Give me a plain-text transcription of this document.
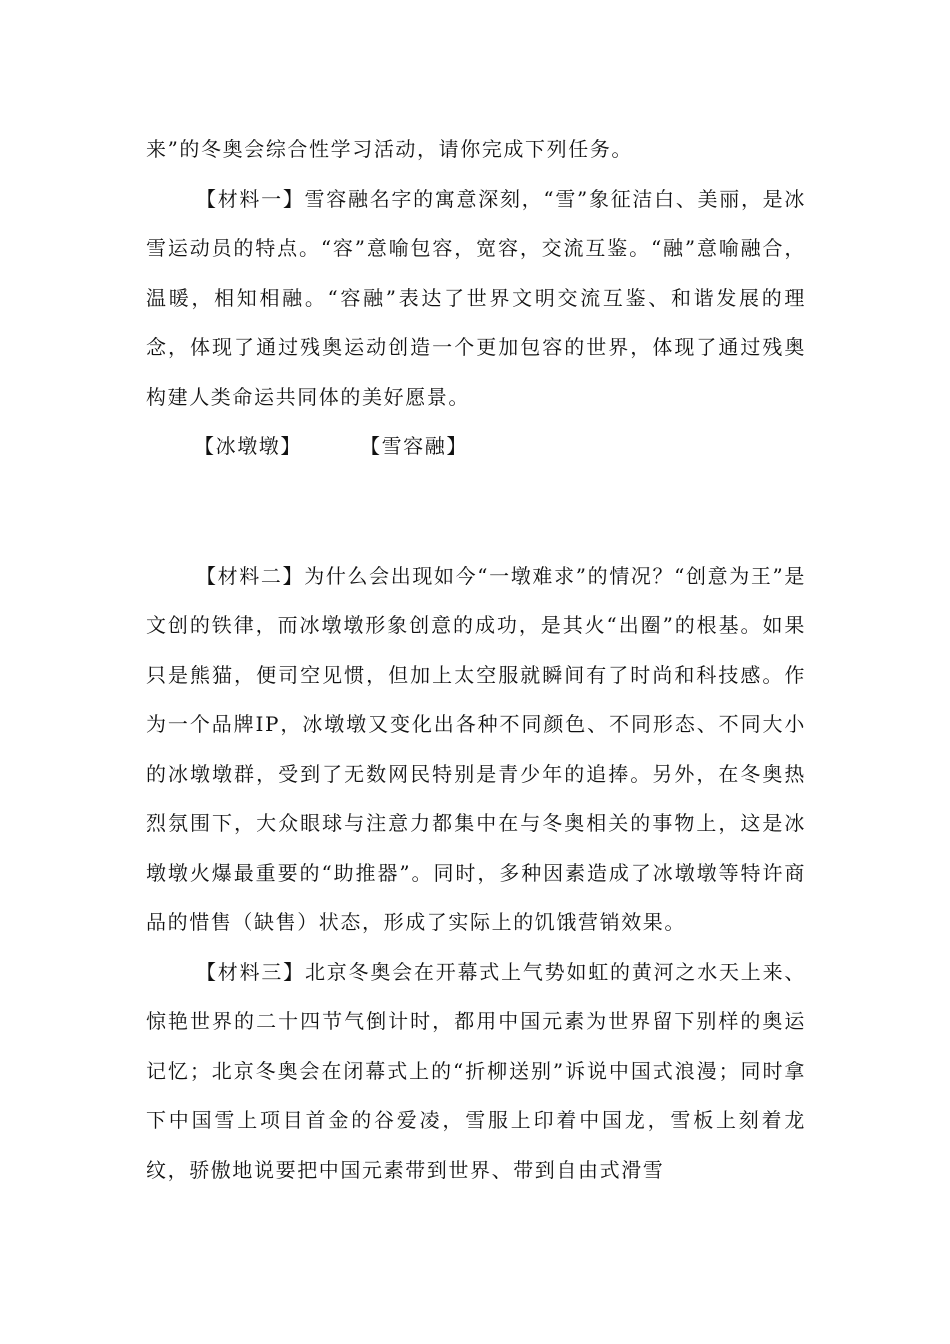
来”的冬奥会综合性学习活动，请你完成下列任务。

【材料一】雪容融名字的寓意深刻，“雪”象征洁白、美丽，是冰雪运动员的特点。“容”意喻包容，宽容，交流互鉴。“融”意喻融合，温暖，相知相融。“容融”表达了世界文明交流互鉴、和谐发展的理念，体现了通过残奥运动创造一个更加包容的世界，体现了通过残奥构建人类命运共同体的美好愿景。

【冰墩墩】	【雪容融】

【材料二】为什么会出现如今“一墩难求”的情况？“创意为王”是文创的铁律，而冰墩墩形象创意的成功，是其火“出圈”的根基。如果只是熊猫，便司空见惯，但加上太空服就瞬间有了时尚和科技感。作为一个品牌IP，冰墩墩又变化出各种不同颜色、不同形态、不同大小的冰墩墩群，受到了无数网民特别是青少年的追捧。另外，在冬奥热烈氛围下，大众眼球与注意力都集中在与冬奥相关的事物上，这是冰墩墩火爆最重要的“助推器”。同时，多种因素造成了冰墩墩等特许商品的惜售（缺售）状态，形成了实际上的饥饿营销效果。

【材料三】北京冬奥会在开幕式上气势如虹的黄河之水天上来、惊艳世界的二十四节气倒计时，都用中国元素为世界留下别样的奥运记忆；北京冬奥会在闭幕式上的“折柳送别”诉说中国式浪漫；同时拿下中国雪上项目首金的谷爱凌，雪服上印着中国龙，雪板上刻着龙纹，骄傲地说要把中国元素带到世界、带到自由式滑雪
